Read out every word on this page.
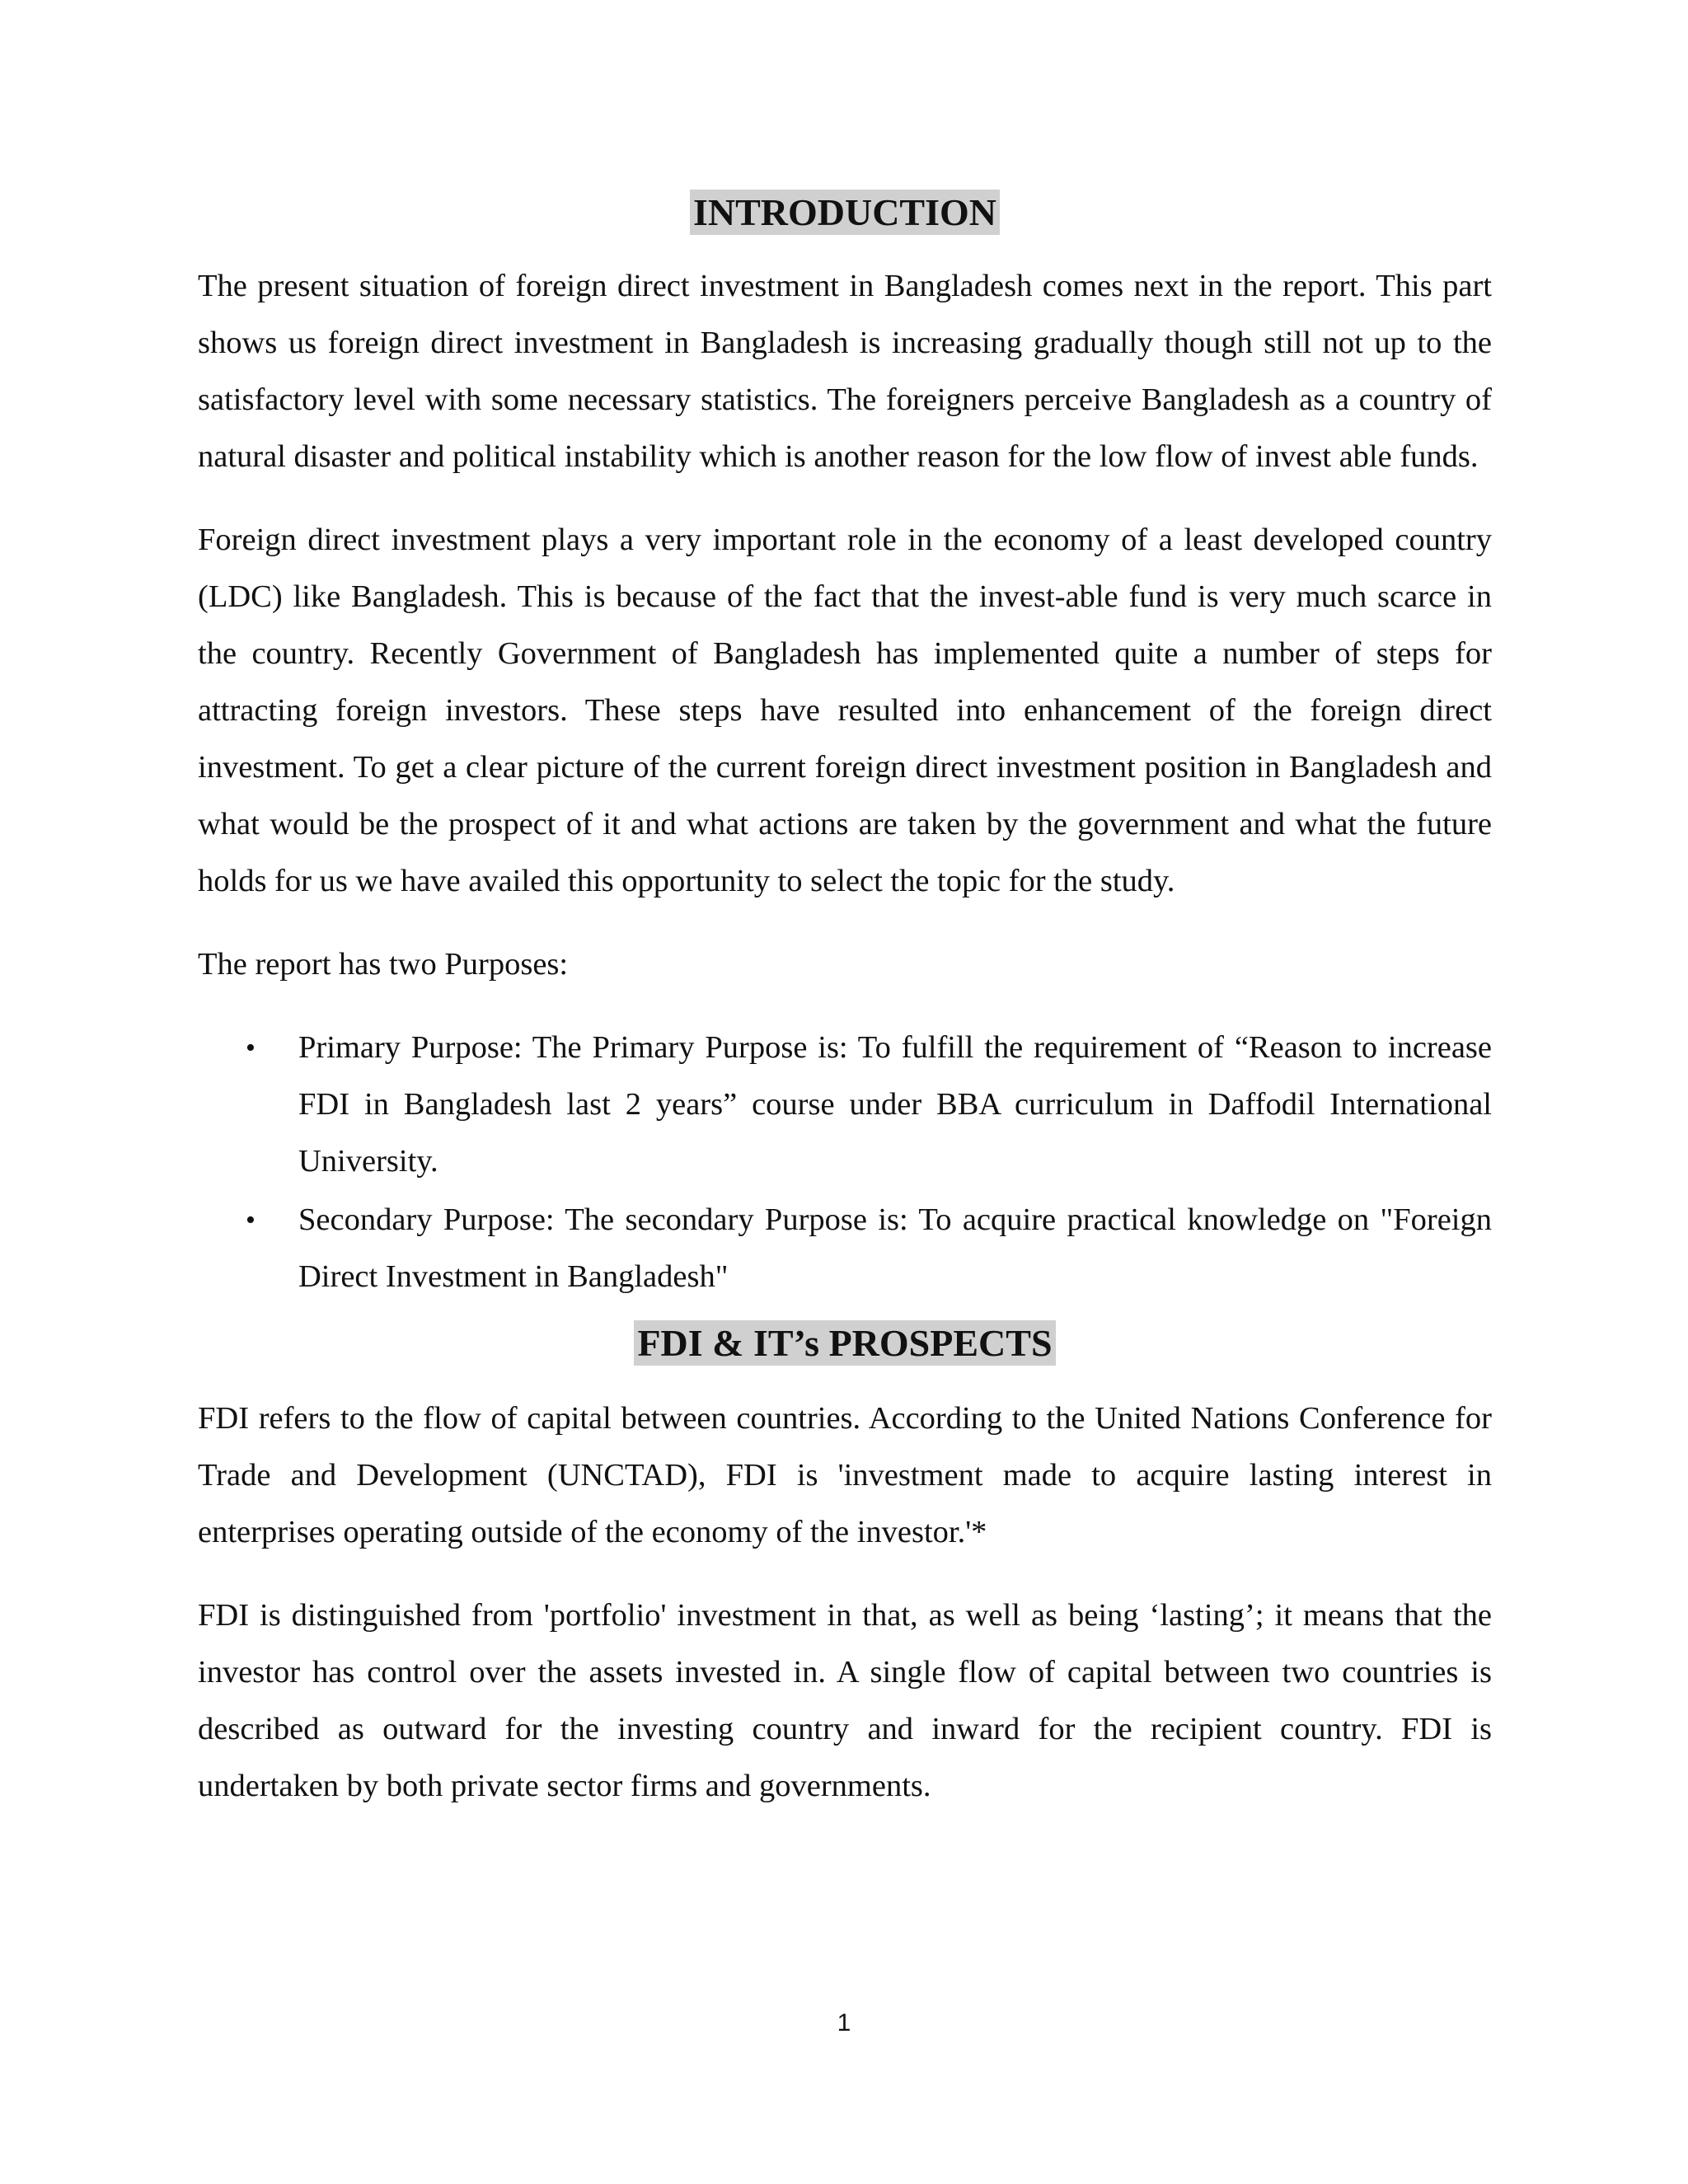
INTRODUCTION

The present situation of foreign direct investment in Bangladesh comes next in the report. This part shows us foreign direct investment in Bangladesh is increasing gradually though still not up to the satisfactory level with some necessary statistics. The foreigners perceive Bangladesh as a country of natural disaster and political instability which is another reason for the low flow of invest able funds.

Foreign direct investment plays a very important role in the economy of a least developed country (LDC) like Bangladesh. This is because of the fact that the invest-able fund is very much scarce in the country. Recently Government of Bangladesh has implemented quite a number of steps for attracting foreign investors. These steps have resulted into enhancement of the foreign direct investment. To get a clear picture of the current foreign direct investment position in Bangladesh and what would be the prospect of it and what actions are taken by the government and what the future holds for us we have availed this opportunity to select the topic for the study.

The report has two Purposes:

• Primary Purpose: The Primary Purpose is: To fulfill the requirement of “Reason to increase FDI in Bangladesh last 2 years” course under BBA curriculum in Daffodil International University.
• Secondary Purpose: The secondary Purpose is: To acquire practical knowledge on "Foreign Direct Investment in Bangladesh"
FDI & IT’s PROSPECTS

FDI refers to the flow of capital between countries. According to the United Nations Conference for Trade and Development (UNCTAD), FDI is 'investment made to acquire lasting interest in enterprises operating outside of the economy of the investor.'*

FDI is distinguished from 'portfolio' investment in that, as well as being ‘lasting’; it means that the investor has control over the assets invested in. A single flow of capital between two countries is described as outward for the investing country and inward for the recipient country. FDI is undertaken by both private sector firms and governments.

1
